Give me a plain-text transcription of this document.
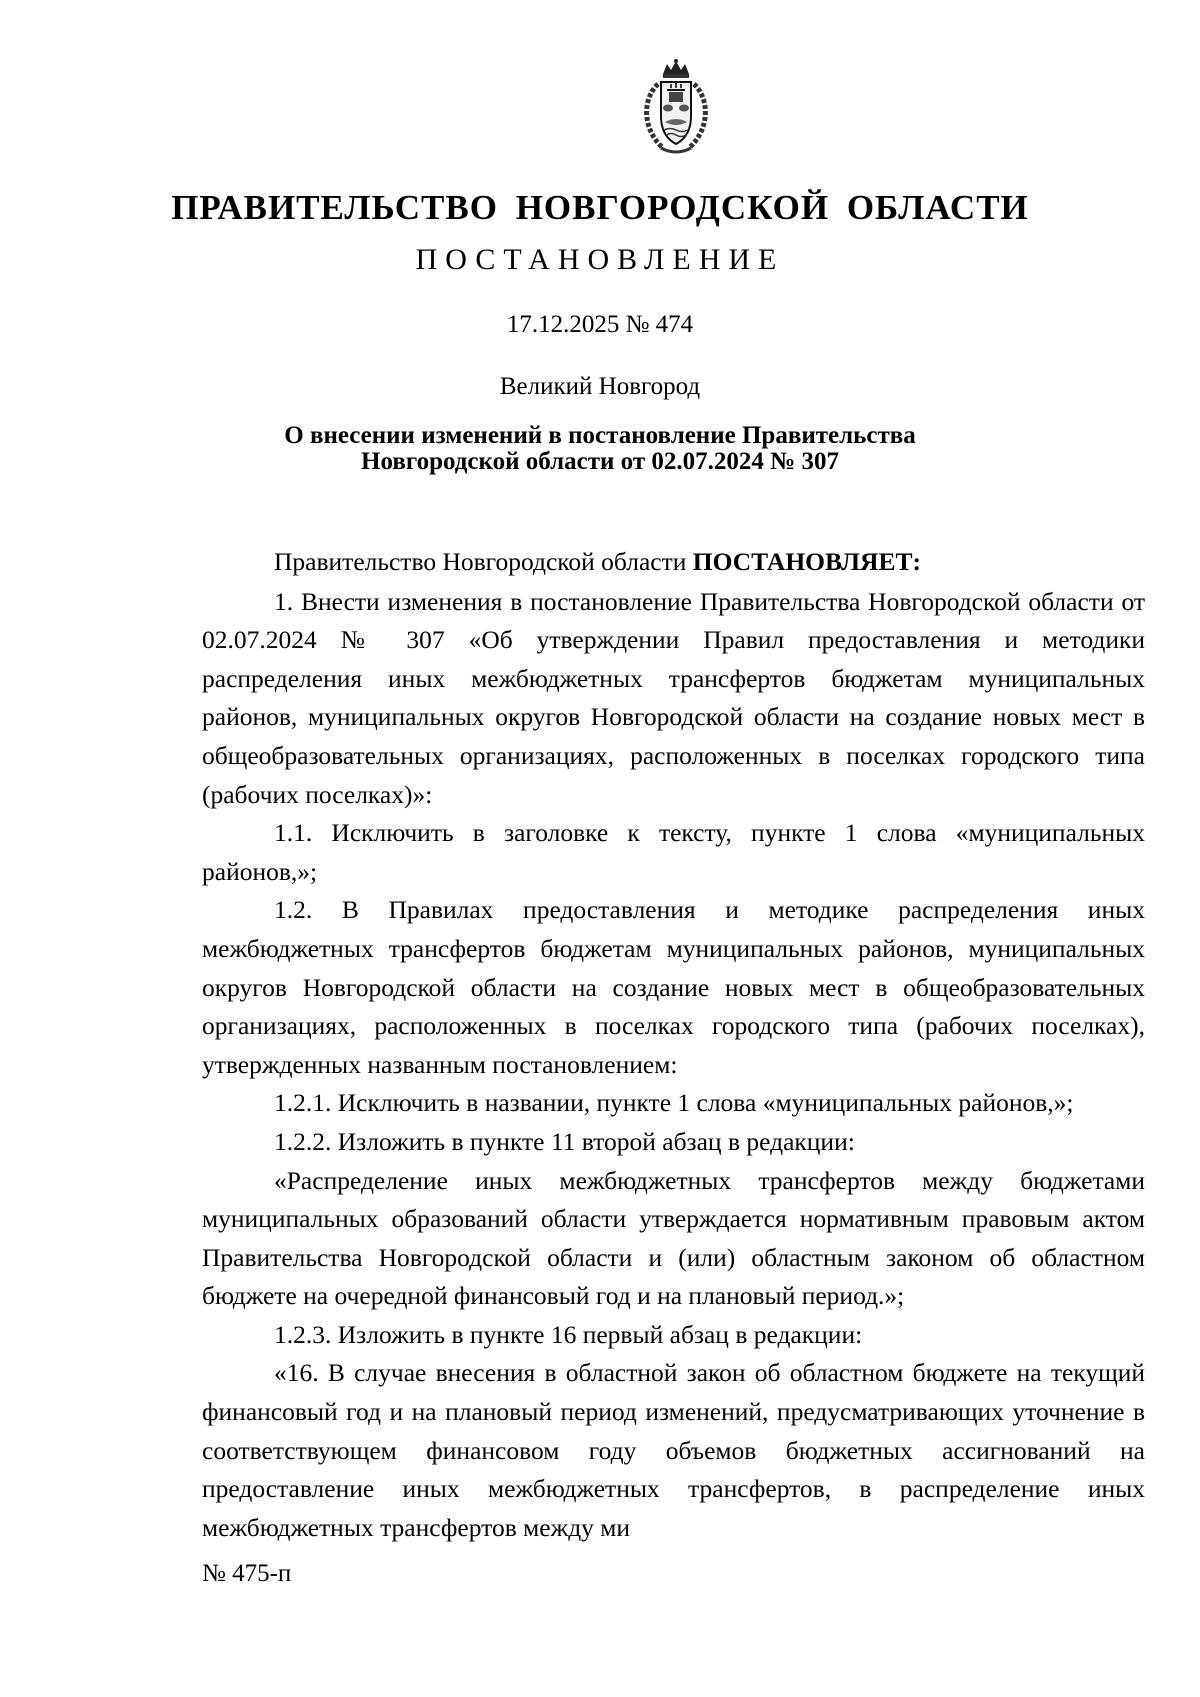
ПРАВИТЕЛЬСТВО НОВГОРОДСКОЙ ОБЛАСТИ
ПОСТАНОВЛЕНИЕ
17.12.2025 № 474
Великий Новгород
О внесении изменений в постановление Правительства
Новгородской области от 02.07.2024 № 307

Правительство Новгородской области ПОСТАНОВЛЯЕТ:

1. Внести изменения в постановление Правительства Новгородской области от 02.07.2024 № 307 «Об утверждении Правил предоставления и методики распределения иных межбюджетных трансфертов бюджетам муниципальных районов, муниципальных округов Новгородской области на создание новых мест в общеобразовательных организациях, расположенных в поселках городского типа (рабочих поселках)»:

1.1. Исключить в заголовке к тексту, пункте 1 слова «муниципальных районов,»;

1.2. В Правилах предоставления и методике распределения иных межбюджетных трансфертов бюджетам муниципальных районов, муниципальных округов Новгородской области на создание новых мест в общеобразовательных организациях, расположенных в поселках городского типа (рабочих поселках), утвержденных названным постановлением:

1.2.1. Исключить в названии, пункте 1 слова «муниципальных районов,»;

1.2.2. Изложить в пункте 11 второй абзац в редакции:

«Распределение иных межбюджетных трансфертов между бюджетами муниципальных образований области утверждается нормативным правовым актом Правительства Новгородской области и (или) областным законом об областном бюджете на очередной финансовый год и на плановый период.»;

1.2.3. Изложить в пункте 16 первый абзац в редакции:

«16. В случае внесения в областной закон об областном бюджете на текущий финансовый год и на плановый период изменений, предусматривающих уточнение в соответствующем финансовом году объемов бюджетных ассигнований на предоставление иных межбюджетных трансфертов, в распределение иных межбюджетных трансфертов между ми

№ 475-п
